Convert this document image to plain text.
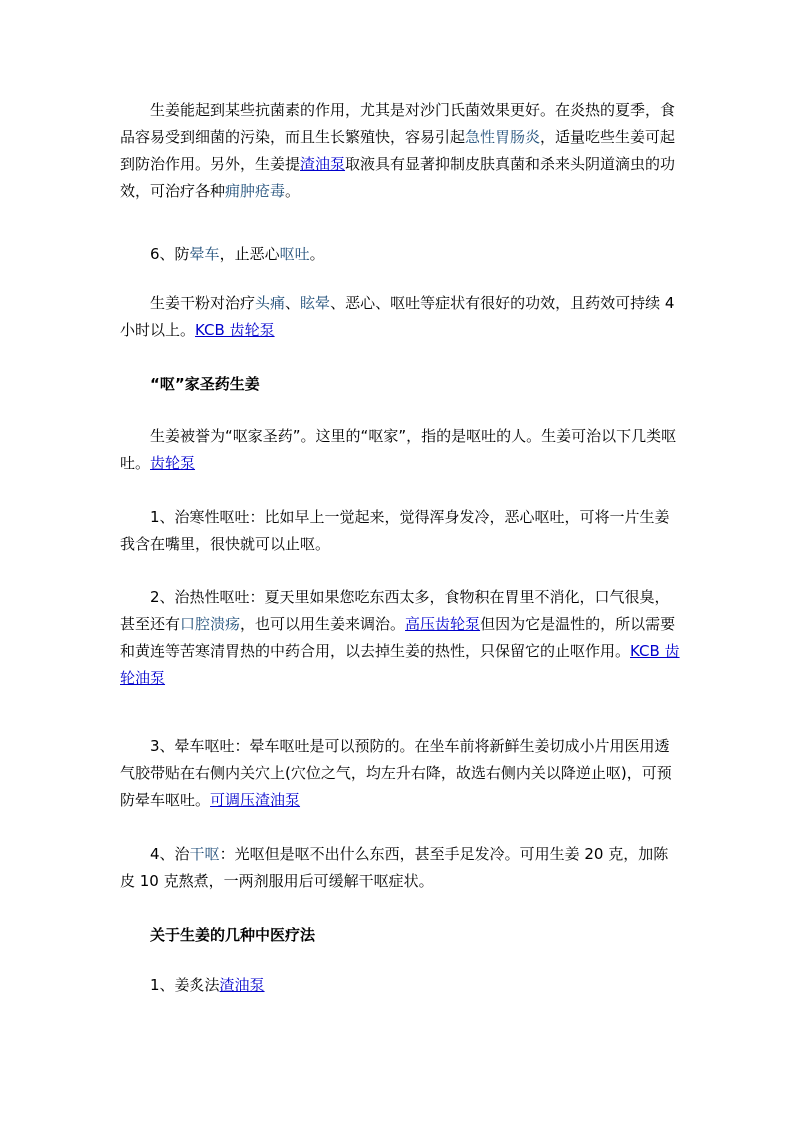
生姜能起到某些抗菌素的作用，尤其是对沙门氏菌效果更好。在炎热的夏季，食品容易受到细菌的污染，而且生长繁殖快，容易引起急性胃肠炎，适量吃些生姜可起到防治作用。另外，生姜提渣油泵取液具有显著抑制皮肤真菌和杀来头阴道滴虫的功效，可治疗各种痈肿疮毒。

6、防晕车，止恶心呕吐。

生姜干粉对治疗头痛、眩晕、恶心、呕吐等症状有很好的功效，且药效可持续 4 小时以上。KCB 齿轮泵

“呕”家圣药生姜

生姜被誉为“呕家圣药”。这里的“呕家”，指的是呕吐的人。生姜可治以下几类呕吐。齿轮泵

1、治寒性呕吐：比如早上一觉起来，觉得浑身发冷，恶心呕吐，可将一片生姜我含在嘴里，很快就可以止呕。

2、治热性呕吐：夏天里如果您吃东西太多，食物积在胃里不消化，口气很臭，甚至还有口腔溃疡，也可以用生姜来调治。高压齿轮泵但因为它是温性的，所以需要和黄连等苦寒清胃热的中药合用，以去掉生姜的热性，只保留它的止呕作用。KCB 齿轮油泵

3、晕车呕吐：晕车呕吐是可以预防的。在坐车前将新鲜生姜切成小片用医用透气胶带贴在右侧内关穴上(穴位之气，均左升右降，故选右侧内关以降逆止呕)，可预防晕车呕吐。可调压渣油泵

4、治干呕：光呕但是呕不出什么东西，甚至手足发冷。可用生姜 20 克，加陈皮 10 克熬煮，一两剂服用后可缓解干呕症状。

关于生姜的几种中医疗法

1、姜炙法渣油泵
